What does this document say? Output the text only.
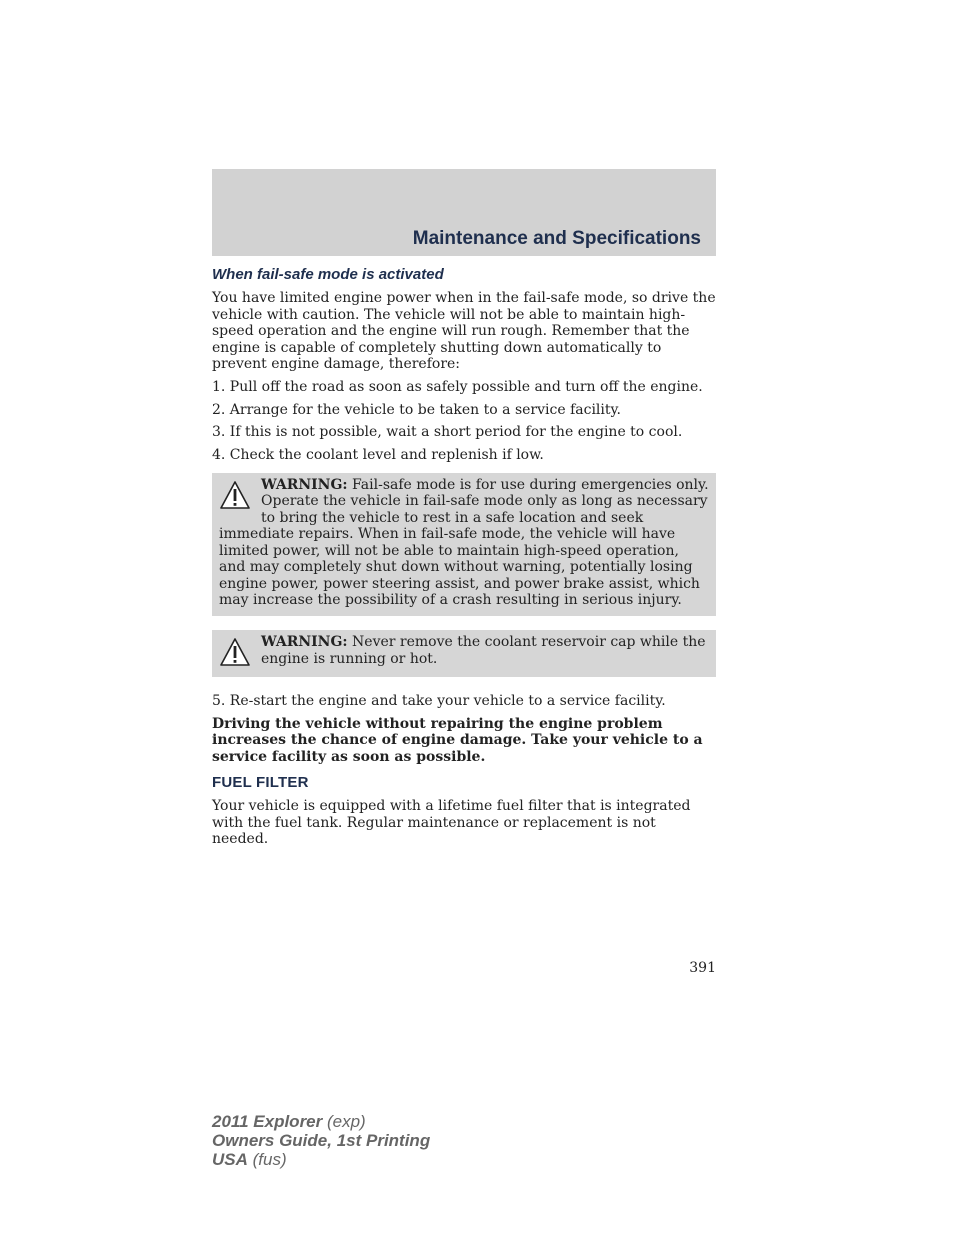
Maintenance and Specifications
When fail-safe mode is activated
You have limited engine power when in the fail-safe mode, so drive the vehicle with caution. The vehicle will not be able to maintain high-speed operation and the engine will run rough. Remember that the engine is capable of completely shutting down automatically to prevent engine damage, therefore:
1. Pull off the road as soon as safely possible and turn off the engine.
2. Arrange for the vehicle to be taken to a service facility.
3. If this is not possible, wait a short period for the engine to cool.
4. Check the coolant level and replenish if low.
WARNING: Fail-safe mode is for use during emergencies only. Operate the vehicle in fail-safe mode only as long as necessary to bring the vehicle to rest in a safe location and seek immediate repairs. When in fail-safe mode, the vehicle will have limited power, will not be able to maintain high-speed operation, and may completely shut down without warning, potentially losing engine power, power steering assist, and power brake assist, which may increase the possibility of a crash resulting in serious injury.
WARNING: Never remove the coolant reservoir cap while the engine is running or hot.
5. Re-start the engine and take your vehicle to a service facility.
Driving the vehicle without repairing the engine problem increases the chance of engine damage. Take your vehicle to a service facility as soon as possible.
FUEL FILTER
Your vehicle is equipped with a lifetime fuel filter that is integrated with the fuel tank. Regular maintenance or replacement is not needed.
391
2011 Explorer (exp)
Owners Guide, 1st Printing
USA (fus)
